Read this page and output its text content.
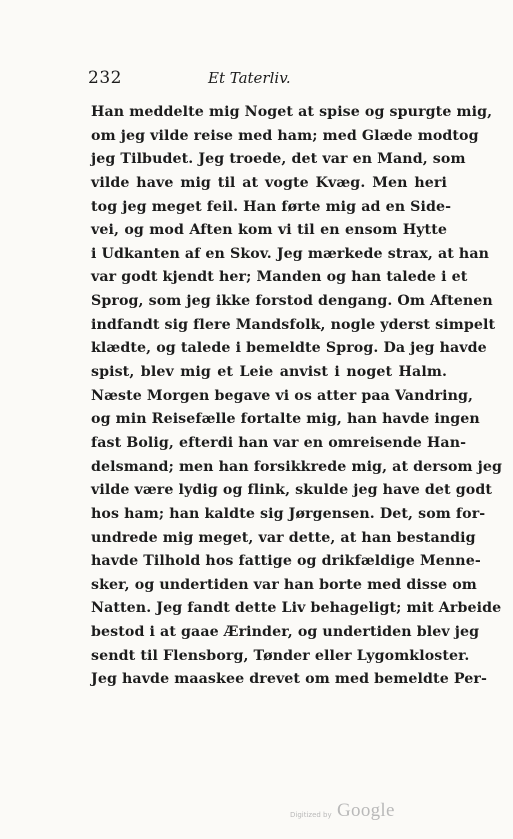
232	Et Taterliv.
Han meddelte mig Noget at spise og spurgte mig,
om jeg vilde reise med ham; med Glæde modtog
jeg Tilbudet. Jeg troede, det var en Mand, som
vilde have mig til at vogte Kvæg. Men heri
tog jeg meget feil. Han førte mig ad en Side-
vei, og mod Aften kom vi til en ensom Hytte
i Udkanten af en Skov. Jeg mærkede strax, at han
var godt kjendt her; Manden og han talede i et
Sprog, som jeg ikke forstod dengang. Om Aftenen
indfandt sig flere Mandsfolk, nogle yderst simpelt
klædte, og talede i bemeldte Sprog. Da jeg havde
spist, blev mig et Leie anvist i noget Halm.
Næste Morgen begave vi os atter paa Vandring,
og min Reisefælle fortalte mig, han havde ingen
fast Bolig, efterdi han var en omreisende Han-
delsmand; men han forsikkrede mig, at dersom jeg
vilde være lydig og flink, skulde jeg have det godt
hos ham; han kaldte sig Jørgensen. Det, som for-
undrede mig meget, var dette, at han bestandig
havde Tilhold hos fattige og drikfældige Menne-
sker, og undertiden var han borte med disse om
Natten. Jeg fandt dette Liv behageligt; mit Arbeide
bestod i at gaae Ærinder, og undertiden blev jeg
sendt til Flensborg, Tønder eller Lygomkloster.
Jeg havde maaskee drevet om med bemeldte Per-
Digitized by Google
